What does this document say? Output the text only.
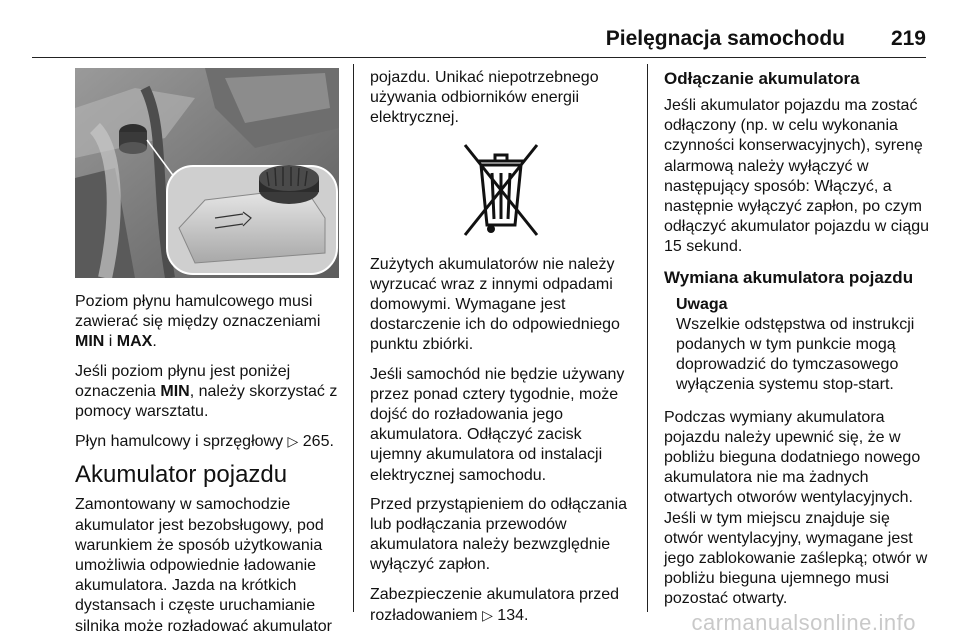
Pielęgnacja samochodu 219

Poziom płynu hamulcowego musi zawierać się między oznaczeniami MIN i MAX.

Jeśli poziom płynu jest poniżej oznaczenia MIN, należy skorzystać z pomocy warsztatu.

Płyn hamulcowy i sprzęgłowy ▷ 265.

Akumulator pojazdu

Zamontowany w samochodzie akumulator jest bezobsługowy, pod warunkiem że sposób użytkowania umożliwia odpowiednie ładowanie akumulatora. Jazda na krótkich dystansach i częste uruchamianie silnika może rozładować akumulator

pojazdu. Unikać niepotrzebnego używania odbiorników energii elektrycznej.

Zużytych akumulatorów nie należy wyrzucać wraz z innymi odpadami domowymi. Wymagane jest dostarczenie ich do odpowiedniego punktu zbiórki.

Jeśli samochód nie będzie używany przez ponad cztery tygodnie, może dojść do rozładowania jego akumulatora. Odłączyć zacisk ujemny akumulatora od instalacji elektrycznej samochodu.

Przed przystąpieniem do odłączania lub podłączania przewodów akumulatora należy bezwzględnie wyłączyć zapłon.

Zabezpieczenie akumulatora przed rozładowaniem ▷ 134.

Odłączanie akumulatora

Jeśli akumulator pojazdu ma zostać odłączony (np. w celu wykonania czynności konserwacyjnych), syrenę alarmową należy wyłączyć w następujący sposób: Włączyć, a następnie wyłączyć zapłon, po czym odłączyć akumulator pojazdu w ciągu 15 sekund.

Wymiana akumulatora pojazdu
Uwaga
Wszelkie odstępstwa od instrukcji podanych w tym punkcie mogą doprowadzić do tymczasowego wyłączenia systemu stop-start.

Podczas wymiany akumulatora pojazdu należy upewnić się, że w pobliżu bieguna dodatniego nowego akumulatora nie ma żadnych otwartych otworów wentylacyjnych. Jeśli w tym miejscu znajduje się otwór wentylacyjny, wymagane jest jego zablokowanie zaślepką; otwór w pobliżu bieguna ujemnego musi pozostać otwarty.

carmanualsonline.info
